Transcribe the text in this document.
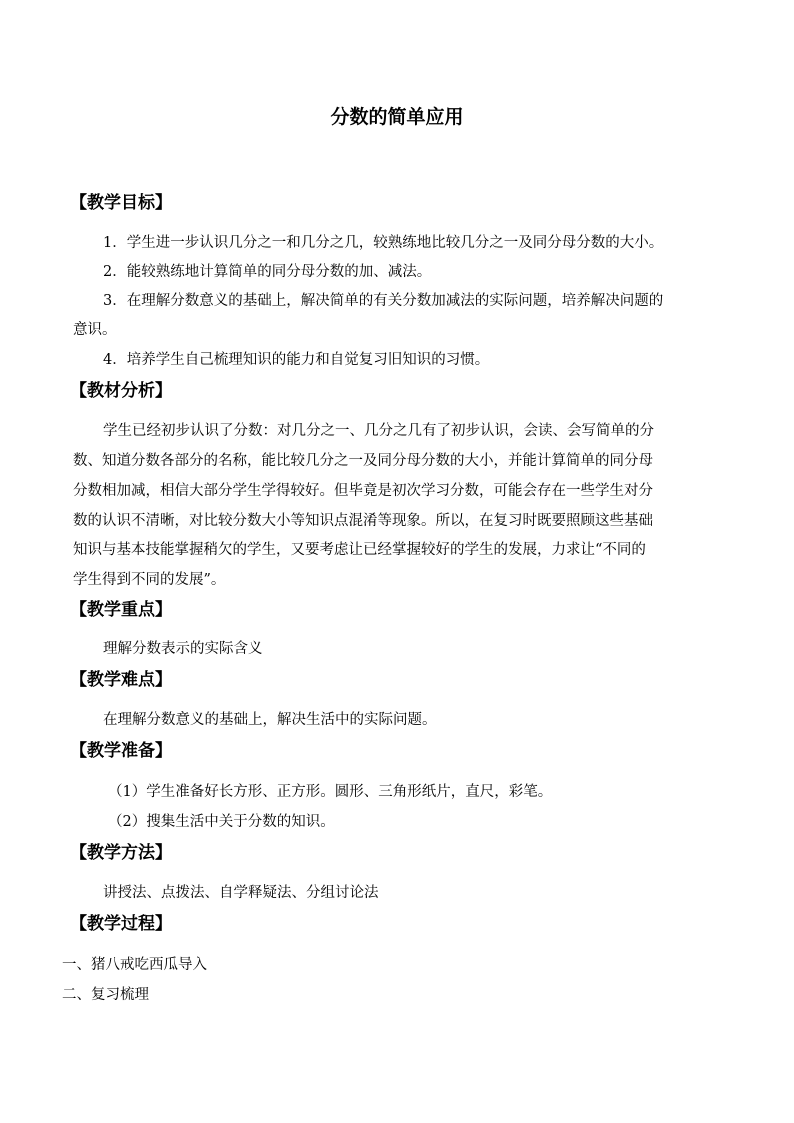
分数的简单应用
【教学目标】
1．学生进一步认识几分之一和几分之几，较熟练地比较几分之一及同分母分数的大小。
2．能较熟练地计算简单的同分母分数的加、减法。
3．在理解分数意义的基础上，解决简单的有关分数加减法的实际问题，培养解决问题的
意识。
4．培养学生自己梳理知识的能力和自觉复习旧知识的习惯。
【教材分析】
学生已经初步认识了分数：对几分之一、几分之几有了初步认识，会读、会写简单的分
数、知道分数各部分的名称，能比较几分之一及同分母分数的大小，并能计算简单的同分母
分数相加减，相信大部分学生学得较好。但毕竟是初次学习分数，可能会存在一些学生对分
数的认识不清晰，对比较分数大小等知识点混淆等现象。所以，在复习时既要照顾这些基础
知识与基本技能掌握稍欠的学生，又要考虑让已经掌握较好的学生的发展，力求让“不同的
学生得到不同的发展”。
【教学重点】
理解分数表示的实际含义
【教学难点】
在理解分数意义的基础上，解决生活中的实际问题。
【教学准备】
（1）学生准备好长方形、正方形。圆形、三角形纸片，直尺，彩笔。
（2）搜集生活中关于分数的知识。
【教学方法】
讲授法、点拨法、自学释疑法、分组讨论法
【教学过程】
一、猪八戒吃西瓜导入
二、复习梳理
